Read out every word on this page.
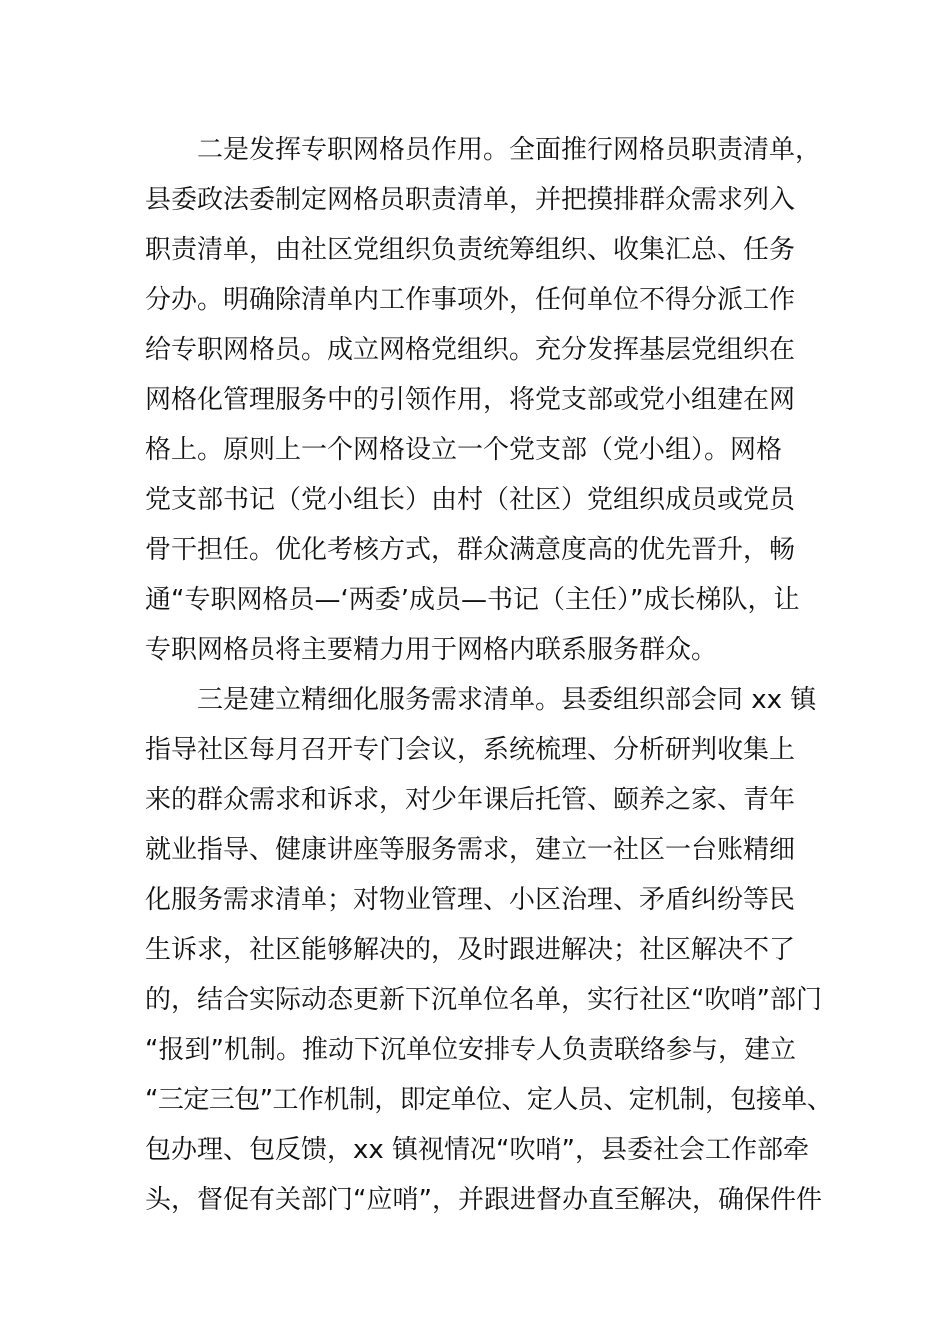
　　二是发挥专职网格员作用。全面推行网格员职责清单，
县委政法委制定网格员职责清单，并把摸排群众需求列入
职责清单，由社区党组织负责统筹组织、收集汇总、任务
分办。明确除清单内工作事项外，任何单位不得分派工作
给专职网格员。成立网格党组织。充分发挥基层党组织在
网格化管理服务中的引领作用，将党支部或党小组建在网
格上。原则上一个网格设立一个党支部（党小组）。网格
党支部书记（党小组长）由村（社区）党组织成员或党员
骨干担任。优化考核方式，群众满意度高的优先晋升，畅
通“专职网格员—‘两委’成员—书记（主任）”成长梯队，让
专职网格员将主要精力用于网格内联系服务群众。
　　三是建立精细化服务需求清单。县委组织部会同 xx 镇
指导社区每月召开专门会议，系统梳理、分析研判收集上
来的群众需求和诉求，对少年课后托管、颐养之家、青年
就业指导、健康讲座等服务需求，建立一社区一台账精细
化服务需求清单；对物业管理、小区治理、矛盾纠纷等民
生诉求，社区能够解决的，及时跟进解决；社区解决不了
的，结合实际动态更新下沉单位名单，实行社区“吹哨”部门
“报到”机制。推动下沉单位安排专人负责联络参与，建立
“三定三包”工作机制，即定单位、定人员、定机制，包接单、
包办理、包反馈，xx 镇视情况“吹哨”，县委社会工作部牵
头，督促有关部门“应哨”，并跟进督办直至解决，确保件件
